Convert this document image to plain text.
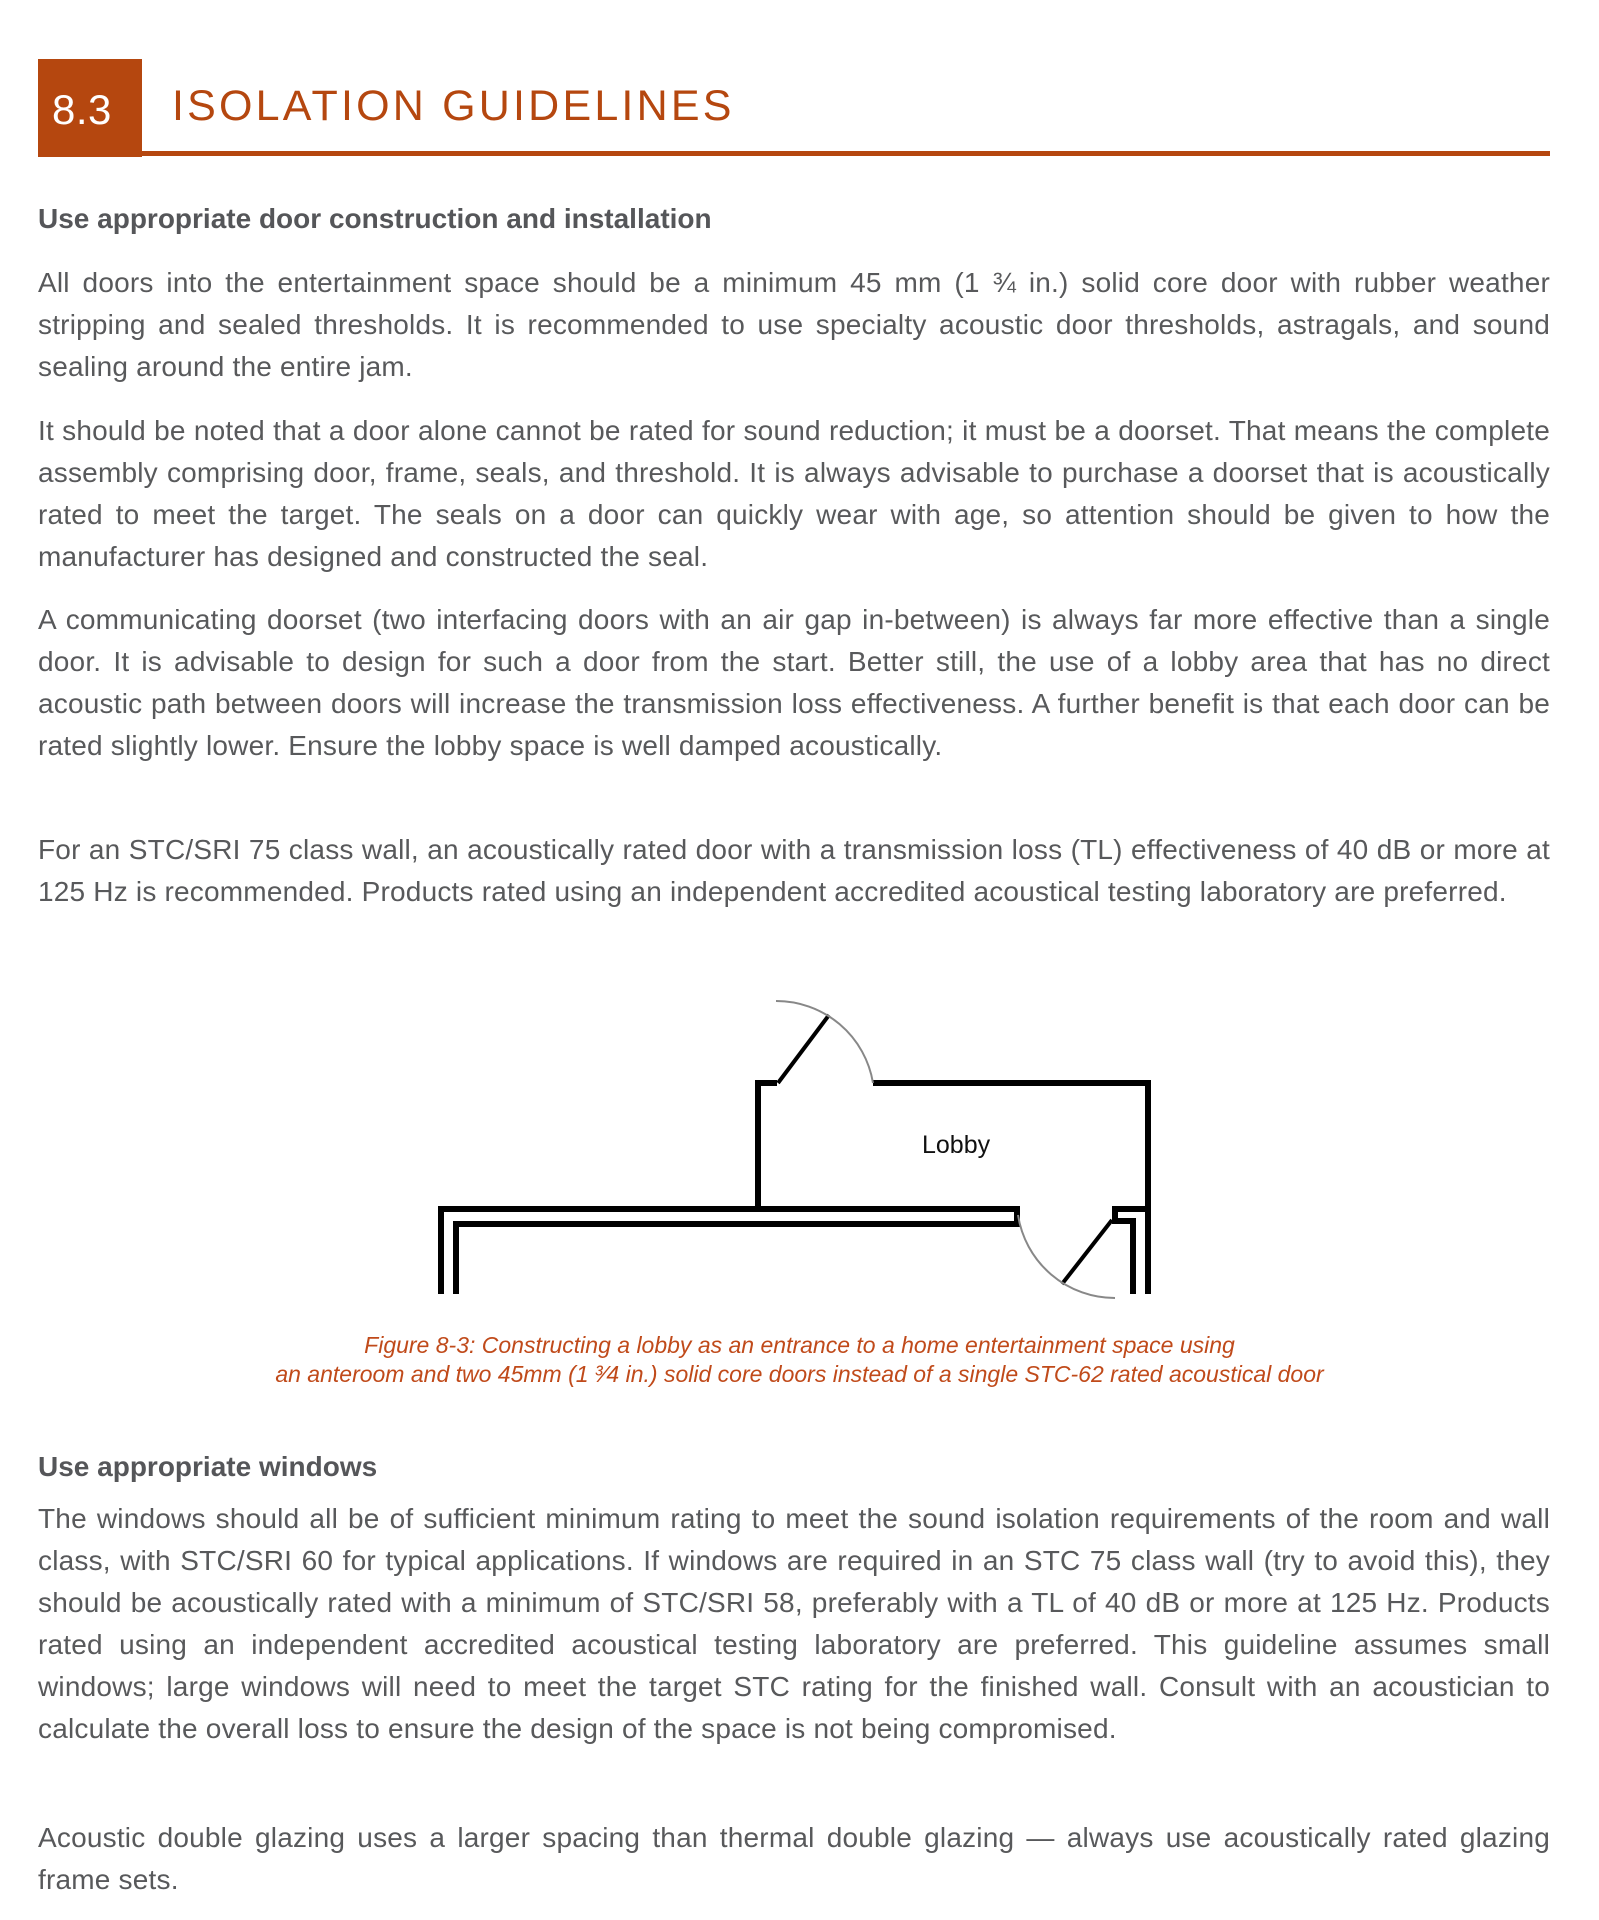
8.3 ISOLATION GUIDELINES
Use appropriate door construction and installation

All doors into the entertainment space should be a minimum 45 mm (1 ¾ in.) solid core door with rubber weather stripping and sealed thresholds. It is recommended to use specialty acoustic door thresholds, astragals, and sound sealing around the entire jam.

It should be noted that a door alone cannot be rated for sound reduction; it must be a doorset. That means the complete assembly comprising door, frame, seals, and threshold. It is always advisable to purchase a doorset that is acoustically rated to meet the target. The seals on a door can quickly wear with age, so attention should be given to how the manufacturer has designed and constructed the seal.

A communicating doorset (two interfacing doors with an air gap in-between) is always far more effective than a single door. It is advisable to design for such a door from the start. Better still, the use of a lobby area that has no direct acoustic path between doors will increase the transmission loss effectiveness. A further benefit is that each door can be rated slightly lower. Ensure the lobby space is well damped acoustically.

For an STC/SRI 75 class wall, an acoustically rated door with a transmission loss (TL) effectiveness of 40 dB or more at 125 Hz is recommended. Products rated using an independent accredited acoustical testing laboratory are preferred.

Lobby
Figure 8-3: Constructing a lobby as an entrance to a home entertainment space using
an anteroom and two 45mm (1 ³⁄4 in.) solid core doors instead of a single STC-62 rated acoustical door
Use appropriate windows

The windows should all be of sufficient minimum rating to meet the sound isolation requirements of the room and wall class, with STC/SRI 60 for typical applications. If windows are required in an STC 75 class wall (try to avoid this), they should be acoustically rated with a minimum of STC/SRI 58, preferably with a TL of 40 dB or more at 125 Hz. Products rated using an independent accredited acoustical testing laboratory are preferred. This guideline assumes small windows; large windows will need to meet the target STC rating for the finished wall. Consult with an acoustician to calculate the overall loss to ensure the design of the space is not being compromised.

Acoustic double glazing uses a larger spacing than thermal double glazing — always use acoustically rated glazing frame sets.
